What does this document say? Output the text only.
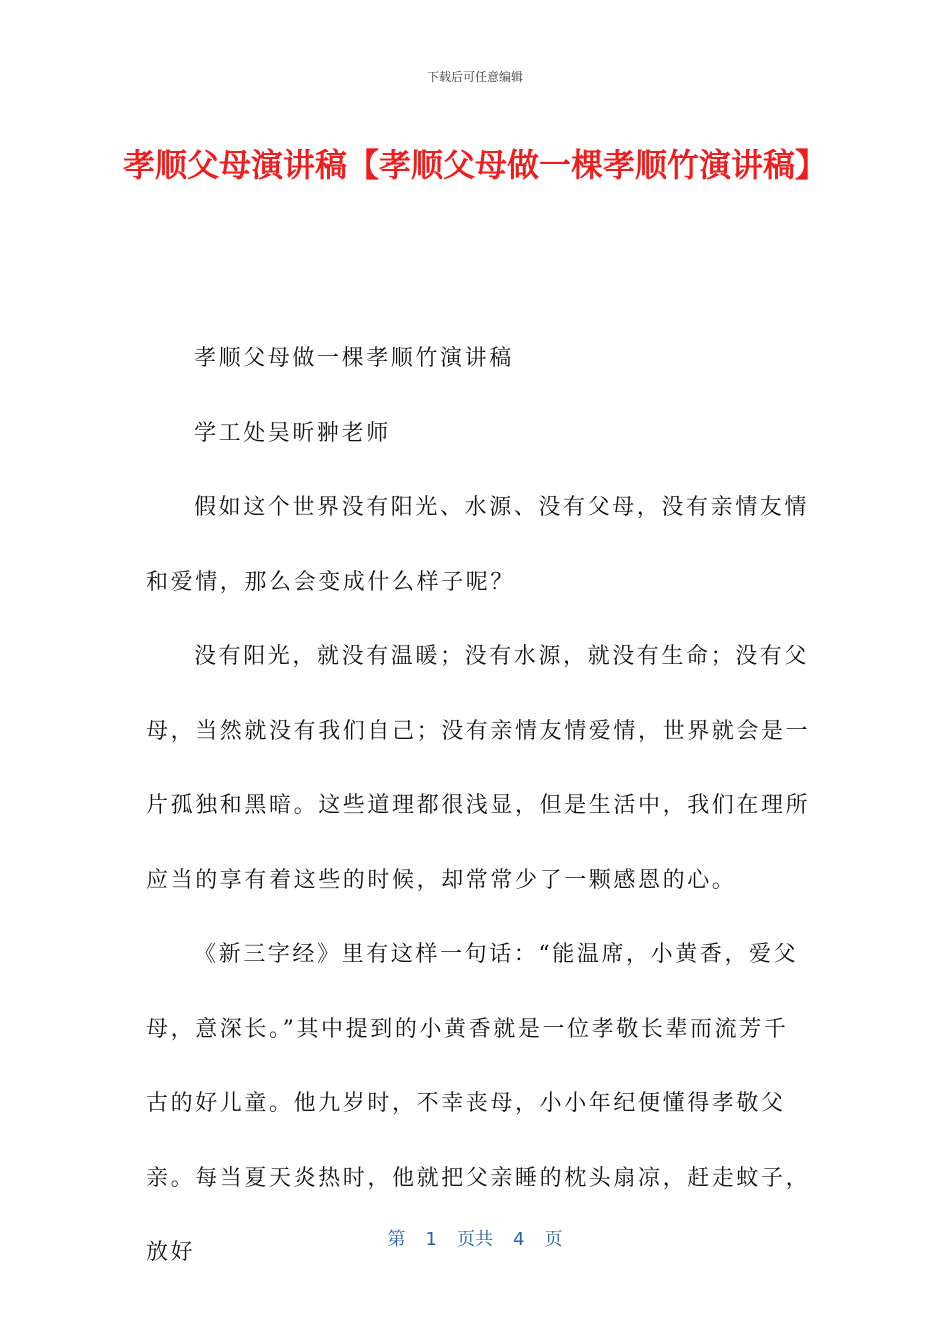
下载后可任意编辑
孝顺父母演讲稿【孝顺父母做一棵孝顺竹演讲稿】

孝顺父母做一棵孝顺竹演讲稿

学工处吴昕翀老师

假如这个世界没有阳光、水源、没有父母，没有亲情友情和爱情，那么会变成什么样子呢？

没有阳光，就没有温暖；没有水源，就没有生命；没有父母，当然就没有我们自己；没有亲情友情爱情，世界就会是一片孤独和黑暗。这些道理都很浅显，但是生活中，我们在理所应当的享有着这些的时候，却常常少了一颗感恩的心。

《新三字经》里有这样一句话：“能温席，小黄香，爱父母，意深长。”其中提到的小黄香就是一位孝敬长辈而流芳千古的好儿童。他九岁时，不幸丧母，小小年纪便懂得孝敬父亲。每当夏天炎热时，他就把父亲睡的枕头扇凉，赶走蚊子，放好

第 1 页共 4 页
